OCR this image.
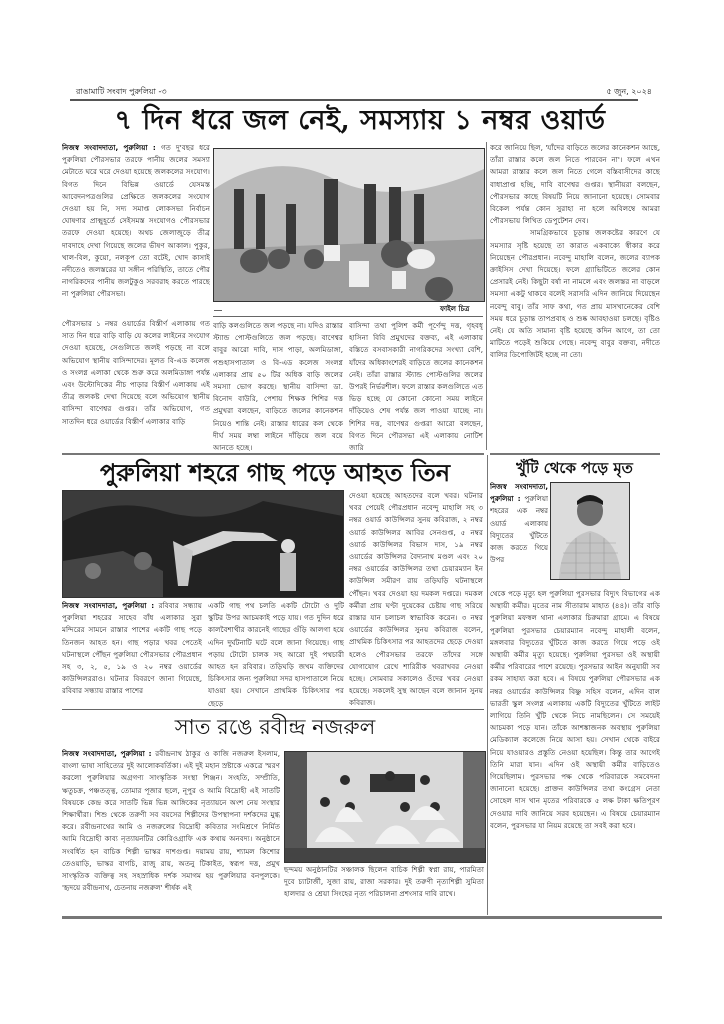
রাঙামাটি সংবাদ পুরুলিয়া -৩	৫ জুন, ২০২৪
৭ দিন ধরে জল নেই, সমস্যায় ১ নম্বর ওয়ার্ড
নিজস্ব সংবাদদাতা, পুরুলিয়া : গত দু'বছর ধরে পুরুলিয়া পৌরসভার তরফে পানীয় জলের সমস্যা মেটাতে ঘরে ঘরে দেওয়া হয়েছে জলকলের সংযোগ। বিগত দিনে বিভিন্ন ওয়ার্ডে যেসমস্ত আবেদনপত্রগুলির প্রেক্ষিতে জলকলের সংযোগ দেওয়া হয় নি, সদ্য সমাপ্ত লোকসভা নির্বাচন ঘোষণার প্রাক্মুহূর্তে সেইসমস্ত সংযোগও পৌরসভার তরফে দেওয়া হয়েছে। অথচ জেলাজুড়ে তীব্র দাবদাহে দেখা গিয়েছে জলের ভীষণ আকাল। পুকুর, খাল-বিল, কুয়ো, নলকূপ তো বটেই, খোদ কাসাই নদীতেও জলস্তরের যা সঙ্গীন পরিস্থিতি, তাতে পৌর নাগরিকদের পানীয় জলটুকুও সরবরাহ করতে পারছে না পুরুলিয়া পৌরসভা।
পৌরসভার ১ নম্বর ওয়ার্ডের বিস্তীর্ণ এলাকায় গত সাত দিন ধরে বাড়ি বাড়ি যে কলের লাইনের সংযোগ দেওয়া হয়েছে, সেগুলিতে জলই পড়ছে না বলে অভিযোগ স্থানীয় বাসিন্দাদের। মূলত বি-এড কলেজ ও সংলগ্ন এলাকা থেকে শুরু করে অলমিডাঙ্গা পর্যন্ত এবং উল্টোদিকের নীচ পাড়ার বিস্তীর্ণ এলাকায় এই তীব্র জলকষ্ট দেখা দিয়েছে বলে অভিযোগ স্থানীয় বাসিন্দা বাণেশ্বর গুপ্তর। তাঁর অভিযোগ, গত সাতদিন ধরে ওয়ার্ডের বিস্তীর্ণ এলাকার বাড়ি
ফাইল চিত্র
বাড়ি কলগুলিতে জল পড়ছে না। যদিও রাস্তার স্ট্যান্ড পোস্টগুলিতে জল পড়ছে। বাণেশ্বর বাবুর আরো দাবি, দাস পাড়া, অলমিডাঙ্গা, পশুহাসপাতাল ও বি-এড কলেজ সংলগ্ন এলাকার প্রায় ৫০ টির অধিক বাড়ি জলের সমস্যা ভোগ করছে। স্থানীয় বাসিন্দা ডা. বিনোদ বাউরি, পেশায় শিক্ষক শিশির দত্ত প্রমুখরা বলছেন, বাড়িতে জলের কানেকশন নিয়েও শান্তি নেই। রাস্তার ধারের কল থেকে দীর্ঘ সময় লম্বা লাইনে দাঁড়িয়ে জল বয়ে আনতে হচ্ছে।
বাসিন্দা তথা পুলিশ কর্মী পূর্ণেন্দু দত্ত, গৃহবধূ হাসিনা বিবি প্রমুখদের বক্তব্য, এই এলাকায় বস্তিতে বসবাসকারী নাগরিকদের সংখ্যা বেশি, যাঁদের অধিকাংশেরই বাড়িতে জলের কানেকশন নেই। তাঁরা রাস্তার স্ট্যান্ড পোস্টগুলির জলের উপরই নির্ভরশীল। ফলে রাস্তার কলগুলিতে এত ভিড় হচ্ছে যে কোনো কোনো সময় লাইনে দাঁড়িয়েও শেষ পর্যন্ত জল পাওয়া যাচ্ছে না। শিশির দত্ত, বাণেশ্বর গুপ্তরা আরো বলছেন, বিগত দিনে পৌরসভা এই এলাকায় নোটিশ জারি
করে জানিয়ে ছিল, 'যাঁদের বাড়িতে জলের কানেকশন আছে, তাঁরা রাস্তার কলে জল নিতে পারবেন না'। ফলে এখন আমরা রাস্তার কলে জল নিতে গেলে বস্তিবাসীদের কাছে বাধাপ্রাপ্ত হচ্ছি, দাবি বাণেশ্বর গুপ্তর। স্থানীয়রা বলছেন, পৌরসভার কাছে বিষয়টি নিয়ে জানানো হয়েছে। সোমবার বিকেল পর্যন্ত কোন সুরাহা না হলে অবিলম্বে আমরা পৌরসভায় লিখিত ডেপুটেশন দেব।
সামগ্রিকভাবে চূড়ান্ত জলকষ্টের কারণে যে সমস্যার সৃষ্টি হয়েছে তা কারাত একবাক্যে স্বীকার করে নিয়েছেন পৌরপ্রধান। নবেন্দু মাহালি বলেন, জলের ব্যাপক ক্রাইসিস দেখা দিয়েছে। ফলে গ্র্যাভিটিতে জলের কোন প্রেসারই নেই। কিছুটা বর্ষা না নামলে এবং জলস্তর না বাড়লে সমস্যা একটু থাকবে বলেই সরাসরি এদিন জানিয়ে দিয়েছেন নবেন্দু বাবু। তাঁর সাফ কথা, গত প্রায় মাসখানেকের বেশি সময় ধরে চূড়ান্ত তাপপ্রবাহ ও শুষ্ক আবহাওয়া চলছে। বৃষ্টিও নেই। যে অতি সামান্য বৃষ্টি হয়েছে কদিন আগে, তা তো মাটিতে পড়েই শুকিয়ে গেছে। নবেন্দু বাবুর বক্তব্য, নদীতে বালির ডিপোজিটই হচ্ছে না তো।
পুরুলিয়া শহরে গাছ পড়ে আহত তিন
নিজস্ব সংবাদদাতা, পুরুলিয়া : রবিবার সন্ধ্যায় পুরুলিয়া শহরের সাহেব বাঁধ এলাকার সুরা মন্দিরের সামনে রাস্তার পাশের একটি গাছ পড়ে তিনজন আহত হন। গাছ পড়ার খবর পেতেই ঘটনাস্থলে পৌঁছন পুরুলিয়া পৌরসভার পৌরপ্রধান সহ ৩, ২, ৫, ১৯ ও ২০ নম্বর ওয়ার্ডের কাউন্সিলররাও। ঘটনার বিবরণে জানা গিয়েছে, রবিবার সন্ধ্যায় রাস্তার পাশের
একটি গাছ পথ চলতি একটি টোটো ও দুটি স্কুটির উপর আচমকাই পড়ে যায়। গত দুদিন ধরে কালবৈশাখীর কারনেই গাছের গুঁড়ি আলগা হয়ে এদিন দুর্ঘটনাটি ঘটে বলে জানা গিয়েছে। গাছ পড়ায় টোটো চালক সহ আরো দুই পথচারী আহত হন রবিবার। তড়িঘড়ি জখম ব্যক্তিদের চিকিৎসার জন্য পুরুলিয়া সদর হাসপাতালে নিয়ে যাওয়া হয়। সেখানে প্রাথমিক চিকিৎসার পর ছেড়ে
দেওয়া হয়েছে আহতদের বলে খবর। ঘটনার খবর পেয়েই পৌরপ্রধান নবেন্দু মাহালি সহ ৩ নম্বর ওয়ার্ড কাউন্সিলর সুনয় কবিরাজ, ২ নম্বর ওয়ার্ড কাউন্সিলর আবির সেনগুপ্ত, ৫ নম্বর ওয়ার্ড কাউন্সিলর বিভাস দাস, ১৯ নম্বর ওয়ার্ডের কাউন্সিলর বৈদ্যনাথ মণ্ডল এবং ২০ নম্বর ওয়ার্ডের কাউন্সিলর তথা চেয়ারম্যান ইন কাউন্সিল সমীরণ রায় তড়িঘড়ি ঘটনাস্থলে পৌঁছন। খবর দেওয়া হয় দমকল দপ্তরে। দমকল কর্মীরা প্রায় ঘণ্টা দুয়েকের চেষ্টায় গাছ সরিয়ে রাস্তার যান চলাচল স্বাভাবিক করেন। ৩ নম্বর ওয়ার্ডের কাউন্সিলর সুনয় কবিরাজ বলেন, প্রাথমিক চিকিৎসার পর আহতদের ছেড়ে দেওয়া হলেও পৌরসভার তরফে তাঁদের সঙ্গে যোগাযোগ রেখে শারিরীক খবরাখবর নেওয়া হচ্ছে। সোমবার সকালেও ওঁদের খবর নেওয়া হয়েছে। সকলেই সুস্থ আছেন বলে জানান সুনয় কবিরাজ।
খুঁটি থেকে পড়ে মৃত
নিজস্ব সংবাদদাতা, পুরুলিয়া : পুরুলিয়া শহরের এক নম্বর ওয়ার্ড এলাকায় বিদ্যুতের খুঁটিতে কাজ করতে গিয়ে উপর
থেকে পড়ে মৃত্যু হল পুরুলিয়া পুরসভার বিদ্যুৎ বিভাগের এক অস্থায়ী কর্মীর। মৃতের নাম সীতারাম মাহাত (৪৪)। তাঁর বাড়ি পুরুলিয়া মফস্বল থানা এলাকার চিরুমারা গ্রামে। এ বিষয়ে পুরুলিয়া পুরসভার চেয়ারম্যান নবেন্দু মাহালী বলেন, মঙ্গলবার বিদ্যুতের খুঁটিতে কাজ করতে গিয়ে পড়ে ওই অস্থায়ী কর্মীর মৃত্যু হয়েছে। পুরুলিয়া পুরসভা ওই অস্থায়ী কর্মীর পরিবারের পাশে রয়েছে। পুরসভার আইন অনুযায়ী সব রকম সাহায্য করা হবে। এ বিষয়ে পুরুলিয়া পৌরসভার এক নম্বর ওয়ার্ডের কাউন্সিলর বিষ্ণু সহিস বলেন, এদিন বাল ভারতী স্কুল সংলগ্ন এলাকায় একটি বিদ্যুতের খুঁটিতে লাইট লাগিয়ে তিনি খুঁটি থেকে নিচে নামছিলেন। সে সময়েই আচমকা পড়ে যান। তাঁকে আশঙ্কাজনক অবস্থায় পুরুলিয়া মেডিক্যাল কলেজে নিয়ে আসা হয়। সেখান থেকে বাইরে নিয়ে যাওয়ারও প্রস্তুতি নেওয়া হয়েছিল। কিন্তু তার আগেই তিনি মারা যান। এদিন ওই অস্থায়ী কর্মীর বাড়িতেও গিয়েছিলাম। পুরসভার পক্ষ থেকে পরিবারকে সমবেদনা জানানো হয়েছে। প্রাক্তন কাউন্সিলর তথা কংগ্রেস নেতা সোহেল দাস খান মৃতের পরিবারকে ৫ লক্ষ টাকা ক্ষতিপূরণ দেওয়ার দাবি জানিয়ে সরব হয়েছেন। এ বিষয়ে চেয়ারম্যান বলেন, পুরসভার যা নিয়ম রয়েছে তা সবই করা হবে।
সাত রঙে রবীন্দ্র নজরুল
নিজস্ব সংবাদদাতা, পুরুলিয়া : রবীন্দ্রনাথ ঠাকুর ও কাজি নজরুল ইসলাম, বাংলা ভাষা সাহিত্যের দুই আলোকবর্তিকা। এই দুই মহান স্রষ্টাকে একত্রে স্মরণ করলো পুরুলিয়ার অগ্রগণ্য সাংস্কৃতিক সংস্থা শিঞ্জন। সংহতি, সম্প্রীতি, ঋতুচক্র, পঞ্চতত্ত্ব, তোমার পূজার ছলে, নূপুর ও আমি বিদ্রোহী এই সাতটি বিষয়কে কেন্দ্র করে সাতটি ভিন্ন ভিন্ন আঙ্গিকের নৃত্যায়নে অংশ নেয় সংস্থার শিক্ষার্থীরা। শিশু থেকে তরুণী সব বয়সের শিল্পীদের উপস্থাপনা দর্শকদের মুগ্ধ করে। রবীন্দ্রনাথের আমি ও নজরুলের বিদ্রোহী কবিতার সংমিশ্রণে নির্মিত আমি বিদ্রোহী কাব্য নৃত্যায়নটির কোরিওগ্রাফি এক কথায় অনবদ্য। অনুষ্ঠানে সংবর্ধিত হন বাচিক শিল্পী ভাস্কর দাশগুপ্ত। দয়াময় রায়, শ্যামল কিশোর তেওয়াড়ি, ভাস্কর বাগচি, রাজু রায়, অতনু টিকাইত, স্বরূপ দত্ত, প্রমুখ সাংস্কৃতিক ব্যক্তিত্ব সহ সহস্রাধিক দর্শক সমাগম হয় পুরুলিয়ার বনপুলকে। 'হৃদয়ে রবীন্দ্রনাথ, চেতনায় নজরুল' শীর্ষক এই
ছন্দময় অনুষ্ঠানটির সঞ্চালক ছিলেন বাচিক শিল্পী স্বপ্না রায়, পারমিতা দুবে চ্যাটার্জী, সুজা রায়, রাজা সরকার। দুই তরুণী নৃত্যশিল্পী সুমিতা হালদার ও শ্রেয়া সিংহের নৃত্য পরিচালনা প্রশংসার দাবি রাখে।
